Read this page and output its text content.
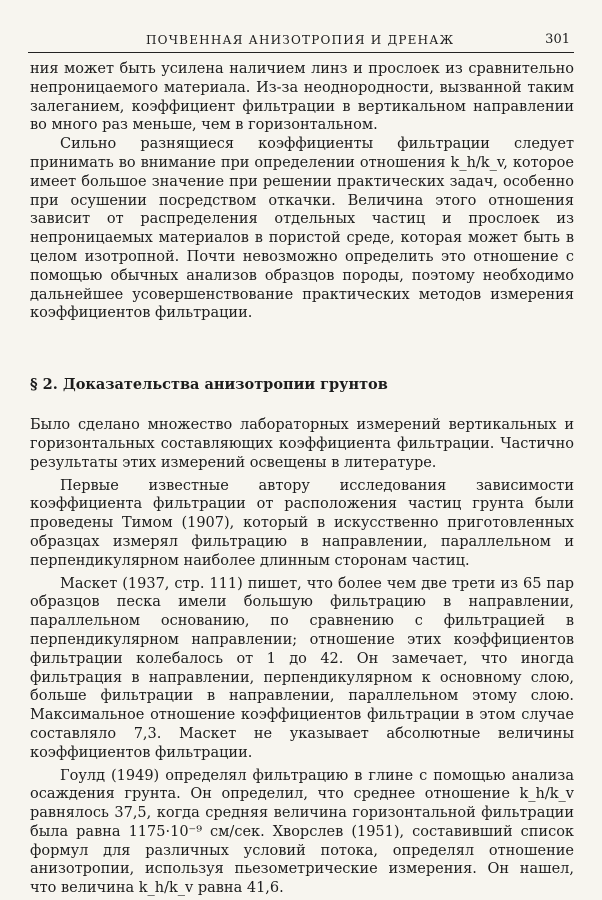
ПОЧВЕННАЯ АНИЗОТРОПИЯ И ДРЕНАЖ	301

ния может быть усилена наличием линз и прослоек из сравнительно непроницаемого материала. Из-за неоднородности, вызванной таким залеганием, коэффициент фильтрации в вертикальном направлении во много раз меньше, чем в горизонтальном.

Сильно разнящиеся коэффициенты фильтрации следует принимать во внимание при определении отношения k_h/k_v, которое имеет большое значение при решении практических задач, особенно при осушении посредством откачки. Величина этого отношения зависит от распределения отдельных частиц и прослоек из непроницаемых материалов в пористой среде, которая может быть в целом изотропной. Почти невозможно определить это отношение с помощью обычных анализов образцов породы, поэтому необходимо дальнейшее усовершенствование практических методов измерения коэффициентов фильтрации.

§ 2. Доказательства анизотропии грунтов

Было сделано множество лабораторных измерений вертикальных и горизонтальных составляющих коэффициента фильтрации. Частично результаты этих измерений освещены в литературе.

Первые известные автору исследования зависимости коэффициента фильтрации от расположения частиц грунта были проведены Тимом (1907), который в искусственно приготовленных образцах измерял фильтрацию в направлении, параллельном и перпендикулярном наиболее длинным сторонам частиц.

Маскет (1937, стр. 111) пишет, что более чем две трети из 65 пар образцов песка имели большую фильтрацию в направлении, параллельном основанию, по сравнению с фильтрацией в перпендикулярном направлении; отношение этих коэффициентов фильтрации колебалось от 1 до 42. Он замечает, что иногда фильтрация в направлении, перпендикулярном к основному слою, больше фильтрации в направлении, параллельном этому слою. Максимальное отношение коэффициентов фильтрации в этом случае составляло 7,3. Маскет не указывает абсолютные величины коэффициентов фильтрации.

Гоулд (1949) определял фильтрацию в глине с помощью анализа осаждения грунта. Он определил, что среднее отношение k_h/k_v равнялось 37,5, когда средняя величина горизонтальной фильтрации была равна 1175·10⁻⁹ см/сек. Хворслев (1951), составивший список формул для различных условий потока, определял отношение анизотропии, используя пьезометрические измерения. Он нашел, что величина k_h/k_v равна 41,6.
